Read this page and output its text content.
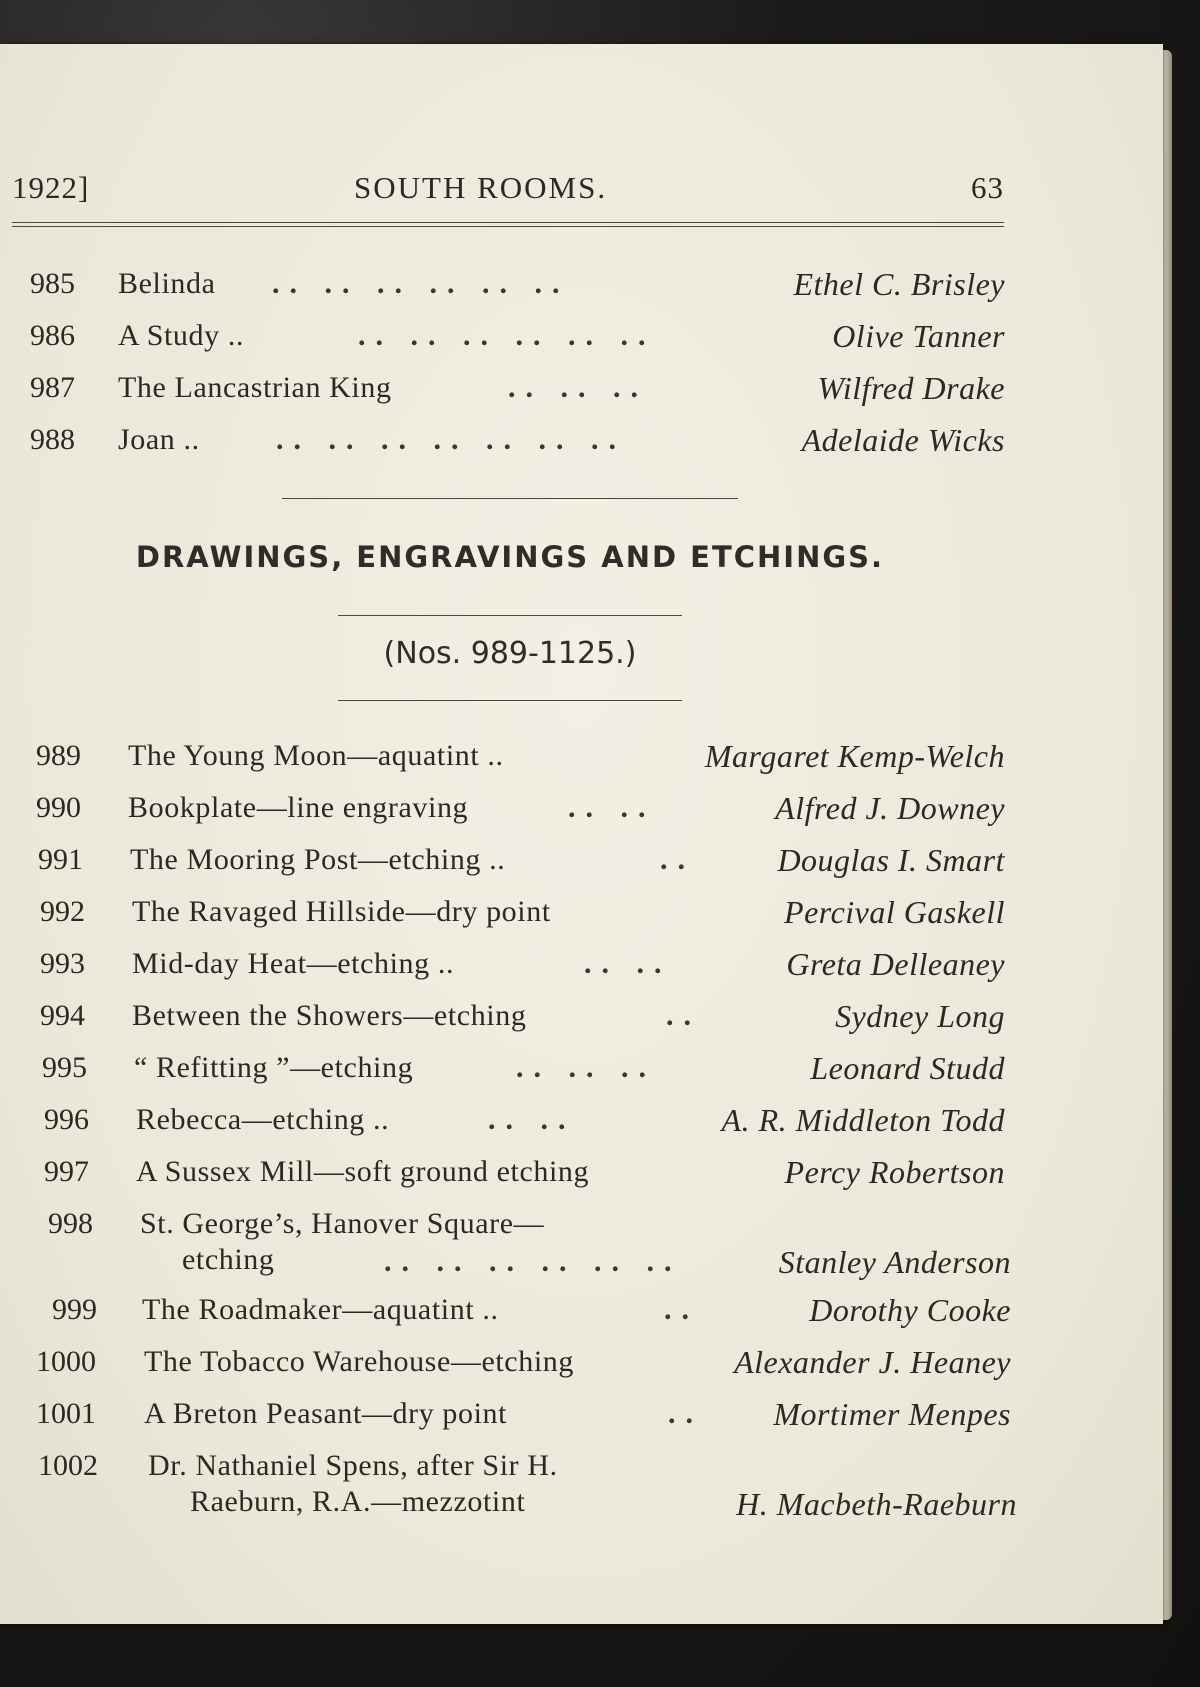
1922]	SOUTH ROOMS.	63
985 Belinda .. .. .. .. .. ..	Ethel C. Brisley
986 A Study ..	.. .. .. .. .. ..	Olive Tanner
987 The Lancastrian King	.. .. ..	Wilfred Drake
988 Joan ..	.. .. .. .. .. .. ..	Adelaide Wicks
DRAWINGS, ENGRAVINGS AND ETCHINGS.
(Nos. 989-1125.)
989 The Young Moon—aquatint ..	Margaret Kemp-Welch
990 Bookplate—line engraving	.. ..	Alfred J. Downey
991 The Mooring Post—etching ..	..	Douglas I. Smart
992 The Ravaged Hillside—dry point	Percival Gaskell
993 Mid-day Heat—etching ..	.. ..	Greta Delleaney
994 Between the Showers—etching	..	Sydney Long
995 “ Refitting ”—etching	.. .. ..	Leonard Studd
996 Rebecca—etching ..	.. ..	A. R. Middleton Todd
997 A Sussex Mill—soft ground etching	Percy Robertson
998 St. George’s, Hanover Square—
etching	.. .. .. .. .. ..	Stanley Anderson
999 The Roadmaker—aquatint ..	..	Dorothy Cooke
1000 The Tobacco Warehouse—etching	Alexander J. Heaney
1001 A Breton Peasant—dry point	.. Mortimer Menpes
1002 Dr. Nathaniel Spens, after Sir H.
Raeburn, R.A.—mezzotint	H. Macbeth-Raeburn
